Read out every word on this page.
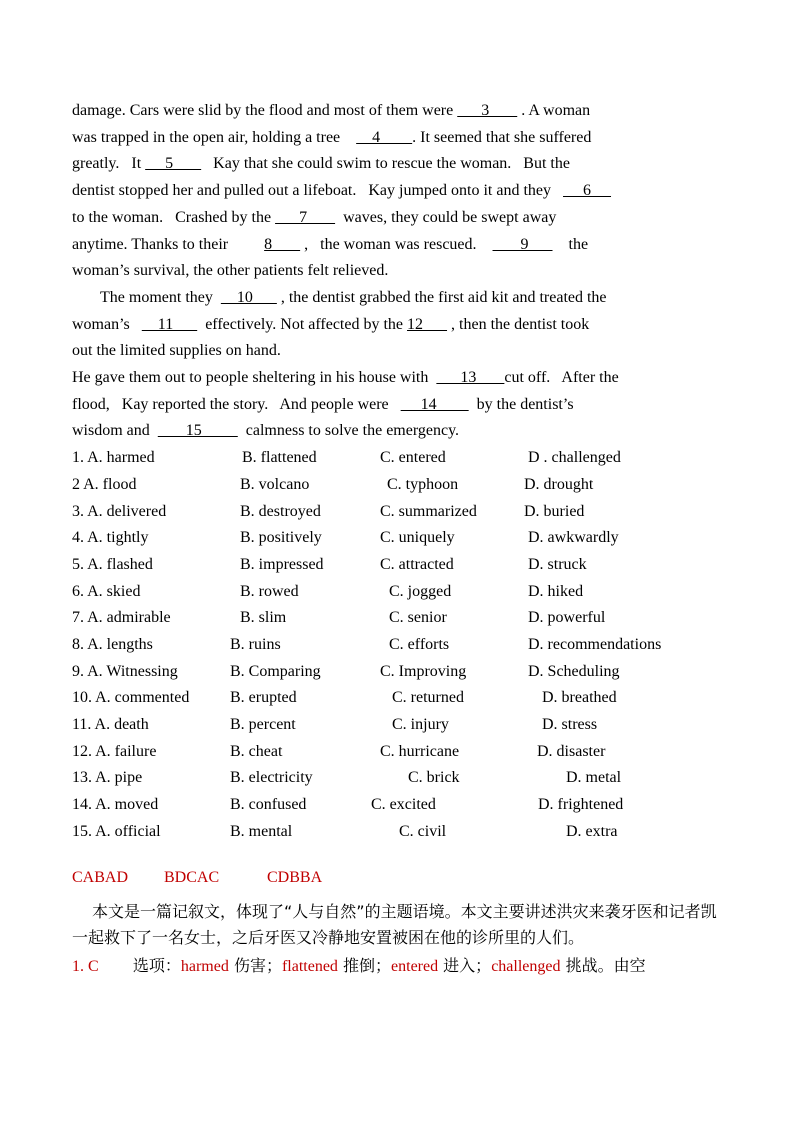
damage. Cars were slid by the flood and most of them were       3        . A woman

was trapped in the open air, holding a tree        4        . It seemed that she suffered

greatly.   It      5          Kay that she could swim to rescue the woman.   But the

dentist stopped her and pulled out a lifeboat.   Kay jumped onto it and they        6

to the woman.   Crashed by the       7         waves, they could be swept away

anytime. Thanks to their         8        ,   the woman was rescued.           9          the

woman’s survival, the other patients felt relieved.

The moment they      10       , the dentist grabbed the first aid kit and treated the

woman’s       11        effectively. Not affected by the 12       , then the dentist took

out the limited supplies on hand.

He gave them out to people sheltering in his house with        13       cut off.   After the

flood,   Kay reported the story.   And people were        14          by the dentist’s

wisdom and         15           calmness to solve the emergency.

1. A. harmed	B. flattened	C. entered	D . challenged
2 A. flood	B. volcano	C. typhoon	D. drought
3. A. delivered	B. destroyed	C. summarized	D. buried
4. A. tightly	B. positively	C. uniquely	D. awkwardly
5. A. flashed	B. impressed	C. attracted	D. struck
6. A. skied	B. rowed	C. jogged	D. hiked
7. A. admirable	B. slim	C. senior	D. powerful
8. A. lengths	B. ruins	C. efforts	D. recommendations
9. A. Witnessing	B. Comparing	C. Improving	D. Scheduling
10. A. commented	B. erupted	C. returned	D. breathed
11. A. death	B. percent	C. injury	D. stress
12. A. failure	B. cheat	C. hurricane	D. disaster
13. A. pipe	B. electricity	C. brick	D. metal
14. A. moved	B. confused	C. excited	D. frightened
15. A. official	B. mental	C. civil	D. extra
CABAD BDCAC	CDBBA
本文是一篇记叙文，体现了“人与自然”的主题语境。本文主要讲述洪灾来袭牙医和记者凯一起救下了一名女士，之后牙医又冷静地安置被困在他的诊所里的人们。
1. C 选项：harmed 伤害；flattened 推倒；entered 进入；challenged 挑战。由空
